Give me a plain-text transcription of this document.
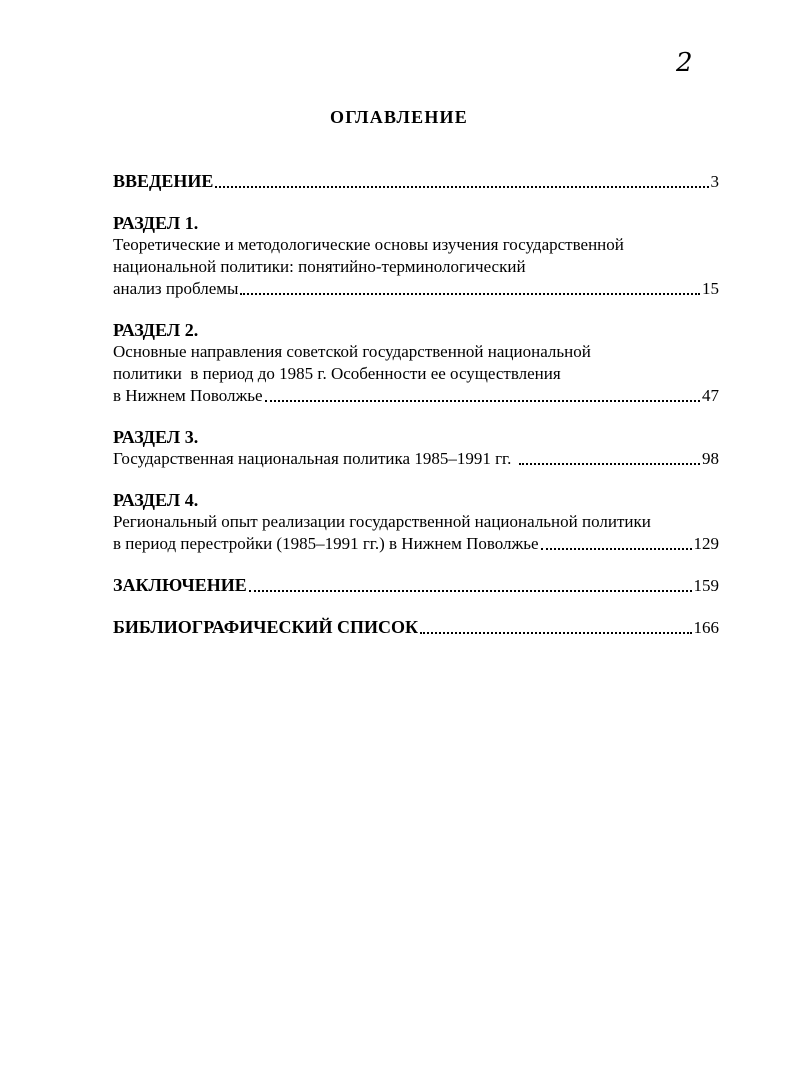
2
ОГЛАВЛЕНИЕ
ВВЕДЕНИЕ	3
РАЗДЕЛ 1.
Теоретические и методологические основы изучения государственной
национальной политики: понятийно-терминологический
анализ проблемы	15
РАЗДЕЛ 2.
Основные направления советской государственной национальной
политики  в период до 1985 г. Особенности ее осуществления
в Нижнем Поволжье	47
РАЗДЕЛ 3.
Государственная национальная политика 1985–1991 гг.	98
РАЗДЕЛ 4.
Региональный опыт реализации государственной национальной политики
в период перестройки (1985–1991 гг.) в Нижнем Поволжье	129
ЗАКЛЮЧЕНИЕ	159
БИБЛИОГРАФИЧЕСКИЙ СПИСОК	166
